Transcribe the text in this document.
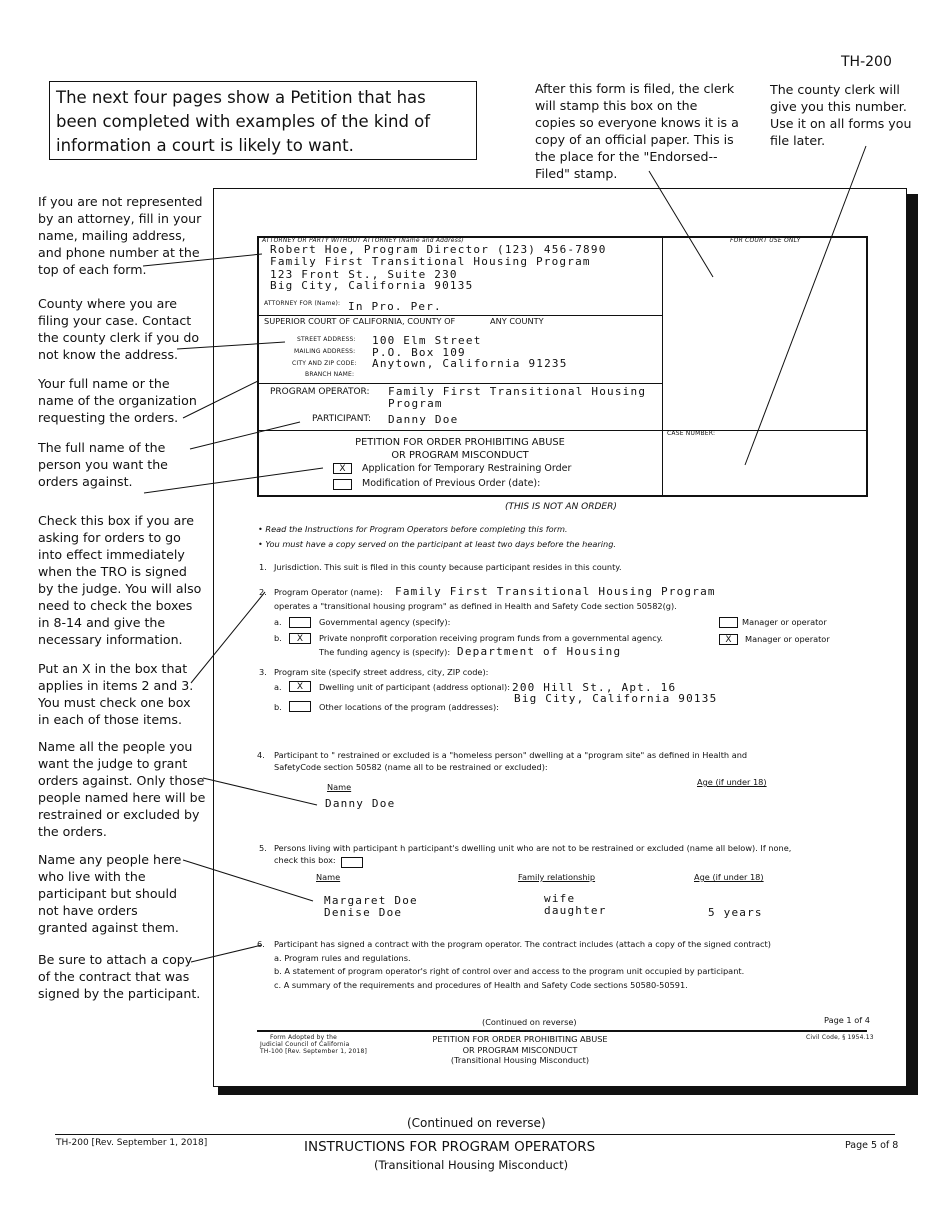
TH-200
The next four pages show a Petition that has been completed with examples of the kind of information a court is likely to want.
After this form is filed, the clerk will stamp this box on the copies so everyone knows it is a copy of an official paper. This is the place for the "Endorsed--Filed" stamp.
The county clerk will give you this number. Use it on all forms you file later.
If you are not represented by an attorney, fill in your name, mailing address, and phone number at the top of each form.
County where you are filing your case. Contact the county clerk if you do not know the address.
Your full name or the name of the organization requesting the orders.
The full name of the person you want the orders against.
Check this box if you are asking for orders to go into effect immediately when the TRO is signed by the judge. You will also need to check the boxes in 8-14 and give the necessary information.
Put an X in the box that applies in items 2 and 3. You must check one box in each of those items.
Name all the people you want the judge to grant orders against. Only those people named here will be restrained or excluded by the orders.
Name any people here who live with the participant but should not have orders granted against them.
Be sure to attach a copy of the contract that was signed by the participant.
ATTORNEY OR PARTY WITHOUT ATTORNEY (Name and Address)
Robert Hoe, Program Director (123) 456-7890
Family First Transitional Housing Program
123 Front St., Suite 230
Big City, California 90135
ATTORNEY FOR (Name): In Pro. Per.
FOR COURT USE ONLY
SUPERIOR COURT OF CALIFORNIA, COUNTY OF	ANY COUNTY
STREET ADDRESS: 100 Elm Street
MAILING ADDRESS: P.O. Box 109
CITY AND ZIP CODE: Anytown, California 91235
BRANCH NAME:
PROGRAM OPERATOR: Family First Transitional Housing
Program
PARTICIPANT: Danny Doe
CASE NUMBER:
PETITION FOR ORDER PROHIBITING ABUSE
OR PROGRAM MISCONDUCT
X	Application for Temporary Restraining Order
Modification of Previous Order (date):
(THIS IS NOT AN ORDER)
• Read the Instructions for Program Operators before completing this form.
• You must have a copy served on the participant at least two days before the hearing.
1. Jurisdiction. This suit is filed in this county because participant resides in this county.
2. Program Operator (name): Family First Transitional Housing Program
operates a "transitional housing program" as defined in Health and Safety Code section 50582(g).
a.	Governmental agency (specify):	Manager or operator
b.	X	Private nonprofit corporation receiving program funds from a governmental agency.	X	Manager or operator
The funding agency is (specify): Department of Housing
3. Program site (specify street address, city, ZIP code):
a.	X	Dwelling unit of participant (address optional): 200 Hill St., Apt. 16
Big City, California 90135
b.	Other locations of the program (addresses):
4. Participant to " restrained or excluded is a "homeless person" dwelling at a "program site" as defined in Health and
SafetyCode section 50582 (name all to be restrained or excluded):
Age (if under 18)
Name
Danny Doe
5. Persons living with participant h participant's dwelling unit who are not to be restrained or excluded (name all below). If none,
check this box:
Name	Family relationship	Age (if under 18)
Margaret Doe	wife
Denise Doe	daughter	5 years
6. Participant has signed a contract with the program operator. The contract includes (attach a copy of the signed contract)
a. Program rules and regulations.
b. A statement of program operator's right of control over and access to the program unit occupied by participant.
c. A summary of the requirements and procedures of Health and Safety Code sections 50580-50591.
(Continued on reverse)	Page 1 of 4
Form Adopted by the
Judicial Council of California
TH-100 [Rev. September 1, 2018]
PETITION FOR ORDER PROHIBITING ABUSE
OR PROGRAM MISCONDUCT
(Transitional Housing Misconduct)
Civil Code, § 1954.13
(Continued on reverse)
TH-200 [Rev. September 1, 2018]	INSTRUCTIONS FOR PROGRAM OPERATORS
(Transitional Housing Misconduct)
Page 5 of 8
